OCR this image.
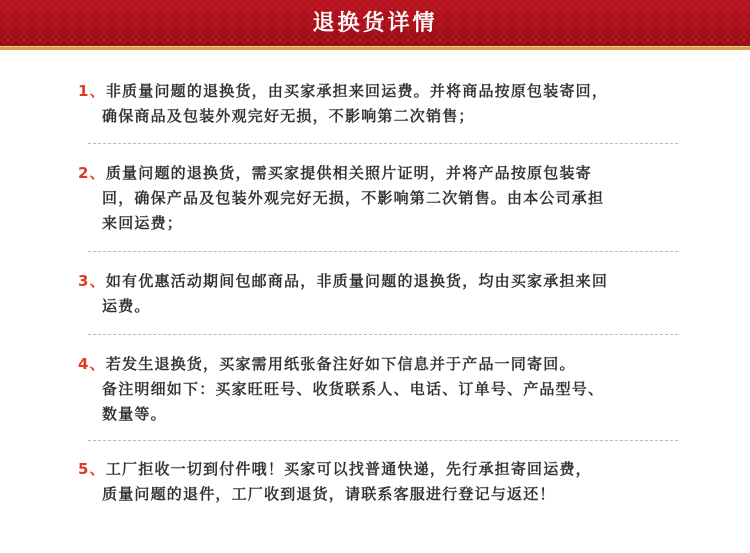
退换货详情
1、非质量问题的退换货，由买家承担来回运费。并将商品按原包装寄回，
确保商品及包装外观完好无损，不影响第二次销售；
2、质量问题的退换货，需买家提供相关照片证明，并将产品按原包装寄
回，确保产品及包装外观完好无损，不影响第二次销售。由本公司承担
来回运费；
3、如有优惠活动期间包邮商品，非质量问题的退换货，均由买家承担来回
运费。
4、若发生退换货，买家需用纸张备注好如下信息并于产品一同寄回。
备注明细如下：买家旺旺号、收货联系人、电话、订单号、产品型号、
数量等。
5、工厂拒收一切到付件哦！买家可以找普通快递，先行承担寄回运费，
质量问题的退件，工厂收到退货，请联系客服进行登记与返还！
